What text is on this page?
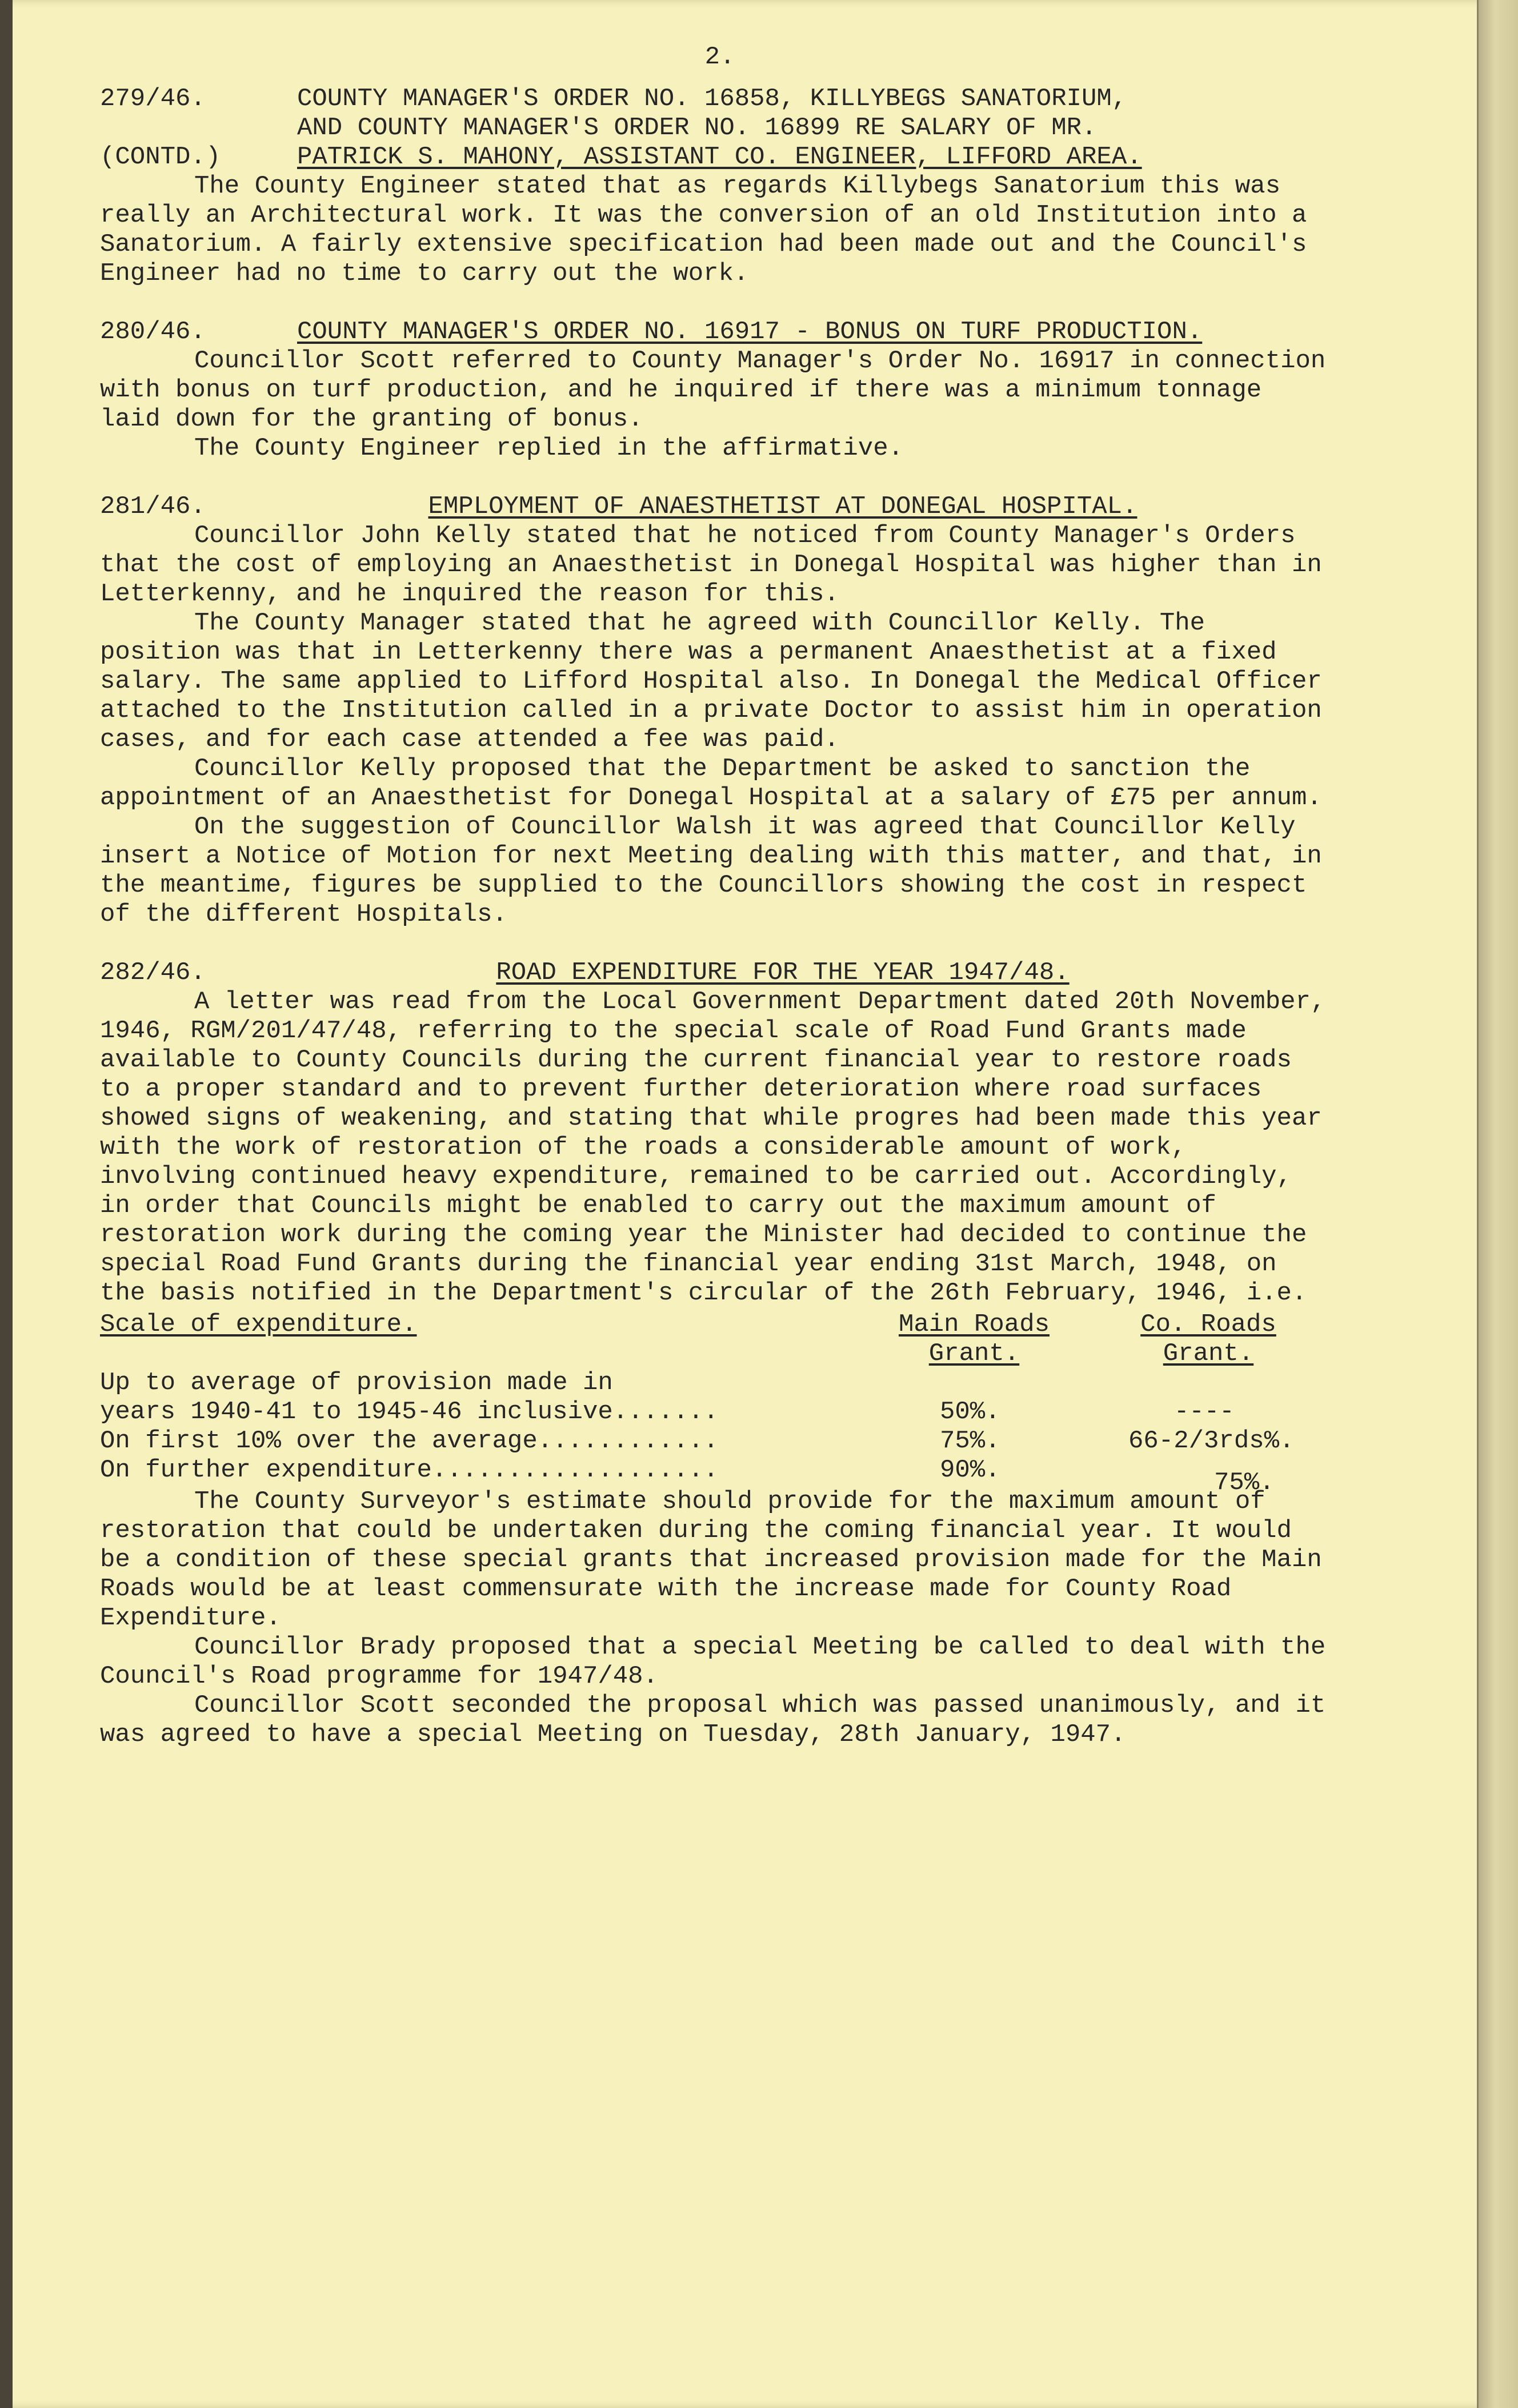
2.
279/46.
(CONTD.)
COUNTY MANAGER'S ORDER NO. 16858, KILLYBEGS SANATORIUM,
AND COUNTY MANAGER'S ORDER NO. 16899 RE SALARY OF MR.
PATRICK S. MAHONY, ASSISTANT CO. ENGINEER, LIFFORD AREA.

The County Engineer stated that as regards Killybegs Sanatorium this was really an Architectural work. It was the conversion of an old Institution into a Sanatorium. A fairly extensive specification had been made out and the Council's Engineer had no time to carry out the work.

280/46.	COUNTY MANAGER'S ORDER NO. 16917 - BONUS ON TURF PRODUCTION.

Councillor Scott referred to County Manager's Order No. 16917 in connection with bonus on turf production, and he inquired if there was a minimum tonnage laid down for the granting of bonus.

The County Engineer replied in the affirmative.

281/46.	EMPLOYMENT OF ANAESTHETIST AT DONEGAL HOSPITAL.

Councillor John Kelly stated that he noticed from County Manager's Orders that the cost of employing an Anaesthetist in Donegal Hospital was higher than in Letterkenny, and he inquired the reason for this.

The County Manager stated that he agreed with Councillor Kelly. The position was that in Letterkenny there was a permanent Anaesthetist at a fixed salary. The same applied to Lifford Hospital also. In Donegal the Medical Officer attached to the Institution called in a private Doctor to assist him in operation cases, and for each case attended a fee was paid.

Councillor Kelly proposed that the Department be asked to sanction the appointment of an Anaesthetist for Donegal Hospital at a salary of £75 per annum.

On the suggestion of Councillor Walsh it was agreed that Councillor Kelly insert a Notice of Motion for next Meeting dealing with this matter, and that, in the meantime, figures be supplied to the Councillors showing the cost in respect of the different Hospitals.

282/46.	ROAD EXPENDITURE FOR THE YEAR 1947/48.

A letter was read from the Local Government Department dated 20th November, 1946, RGM/201/47/48, referring to the special scale of Road Fund Grants made available to County Councils during the current financial year to restore roads to a proper standard and to prevent further deterioration where road surfaces showed signs of weakening, and stating that while progres had been made this year with the work of restoration of the roads a considerable amount of work, involving continued heavy expenditure, remained to be carried out. Accordingly, in order that Councils might be enabled to carry out the maximum amount of restoration work during the coming year the Minister had decided to continue the special Road Fund Grants during the financial year ending 31st March, 1948, on the basis notified in the Department's circular of the 26th February, 1946, i.e.

Scale of expenditure.	Main Roads
Grant.
Co. Roads
Grant.
Up to average of provision made in
years 1940-41 to 1945-46 inclusive.......	50%.	----
On first 10% over the average............	75%.	66-2/3rds%.
On further expenditure...................	90%.	75%.

The County Surveyor's estimate should provide for the maximum amount of restoration that could be undertaken during the coming financial year. It would be a condition of these special grants that increased provision made for the Main Roads would be at least commensurate with the increase made for County Road Expenditure.

Councillor Brady proposed that a special Meeting be called to deal with the Council's Road programme for 1947/48.

Councillor Scott seconded the proposal which was passed unanimously, and it was agreed to have a special Meeting on Tuesday, 28th January, 1947.
